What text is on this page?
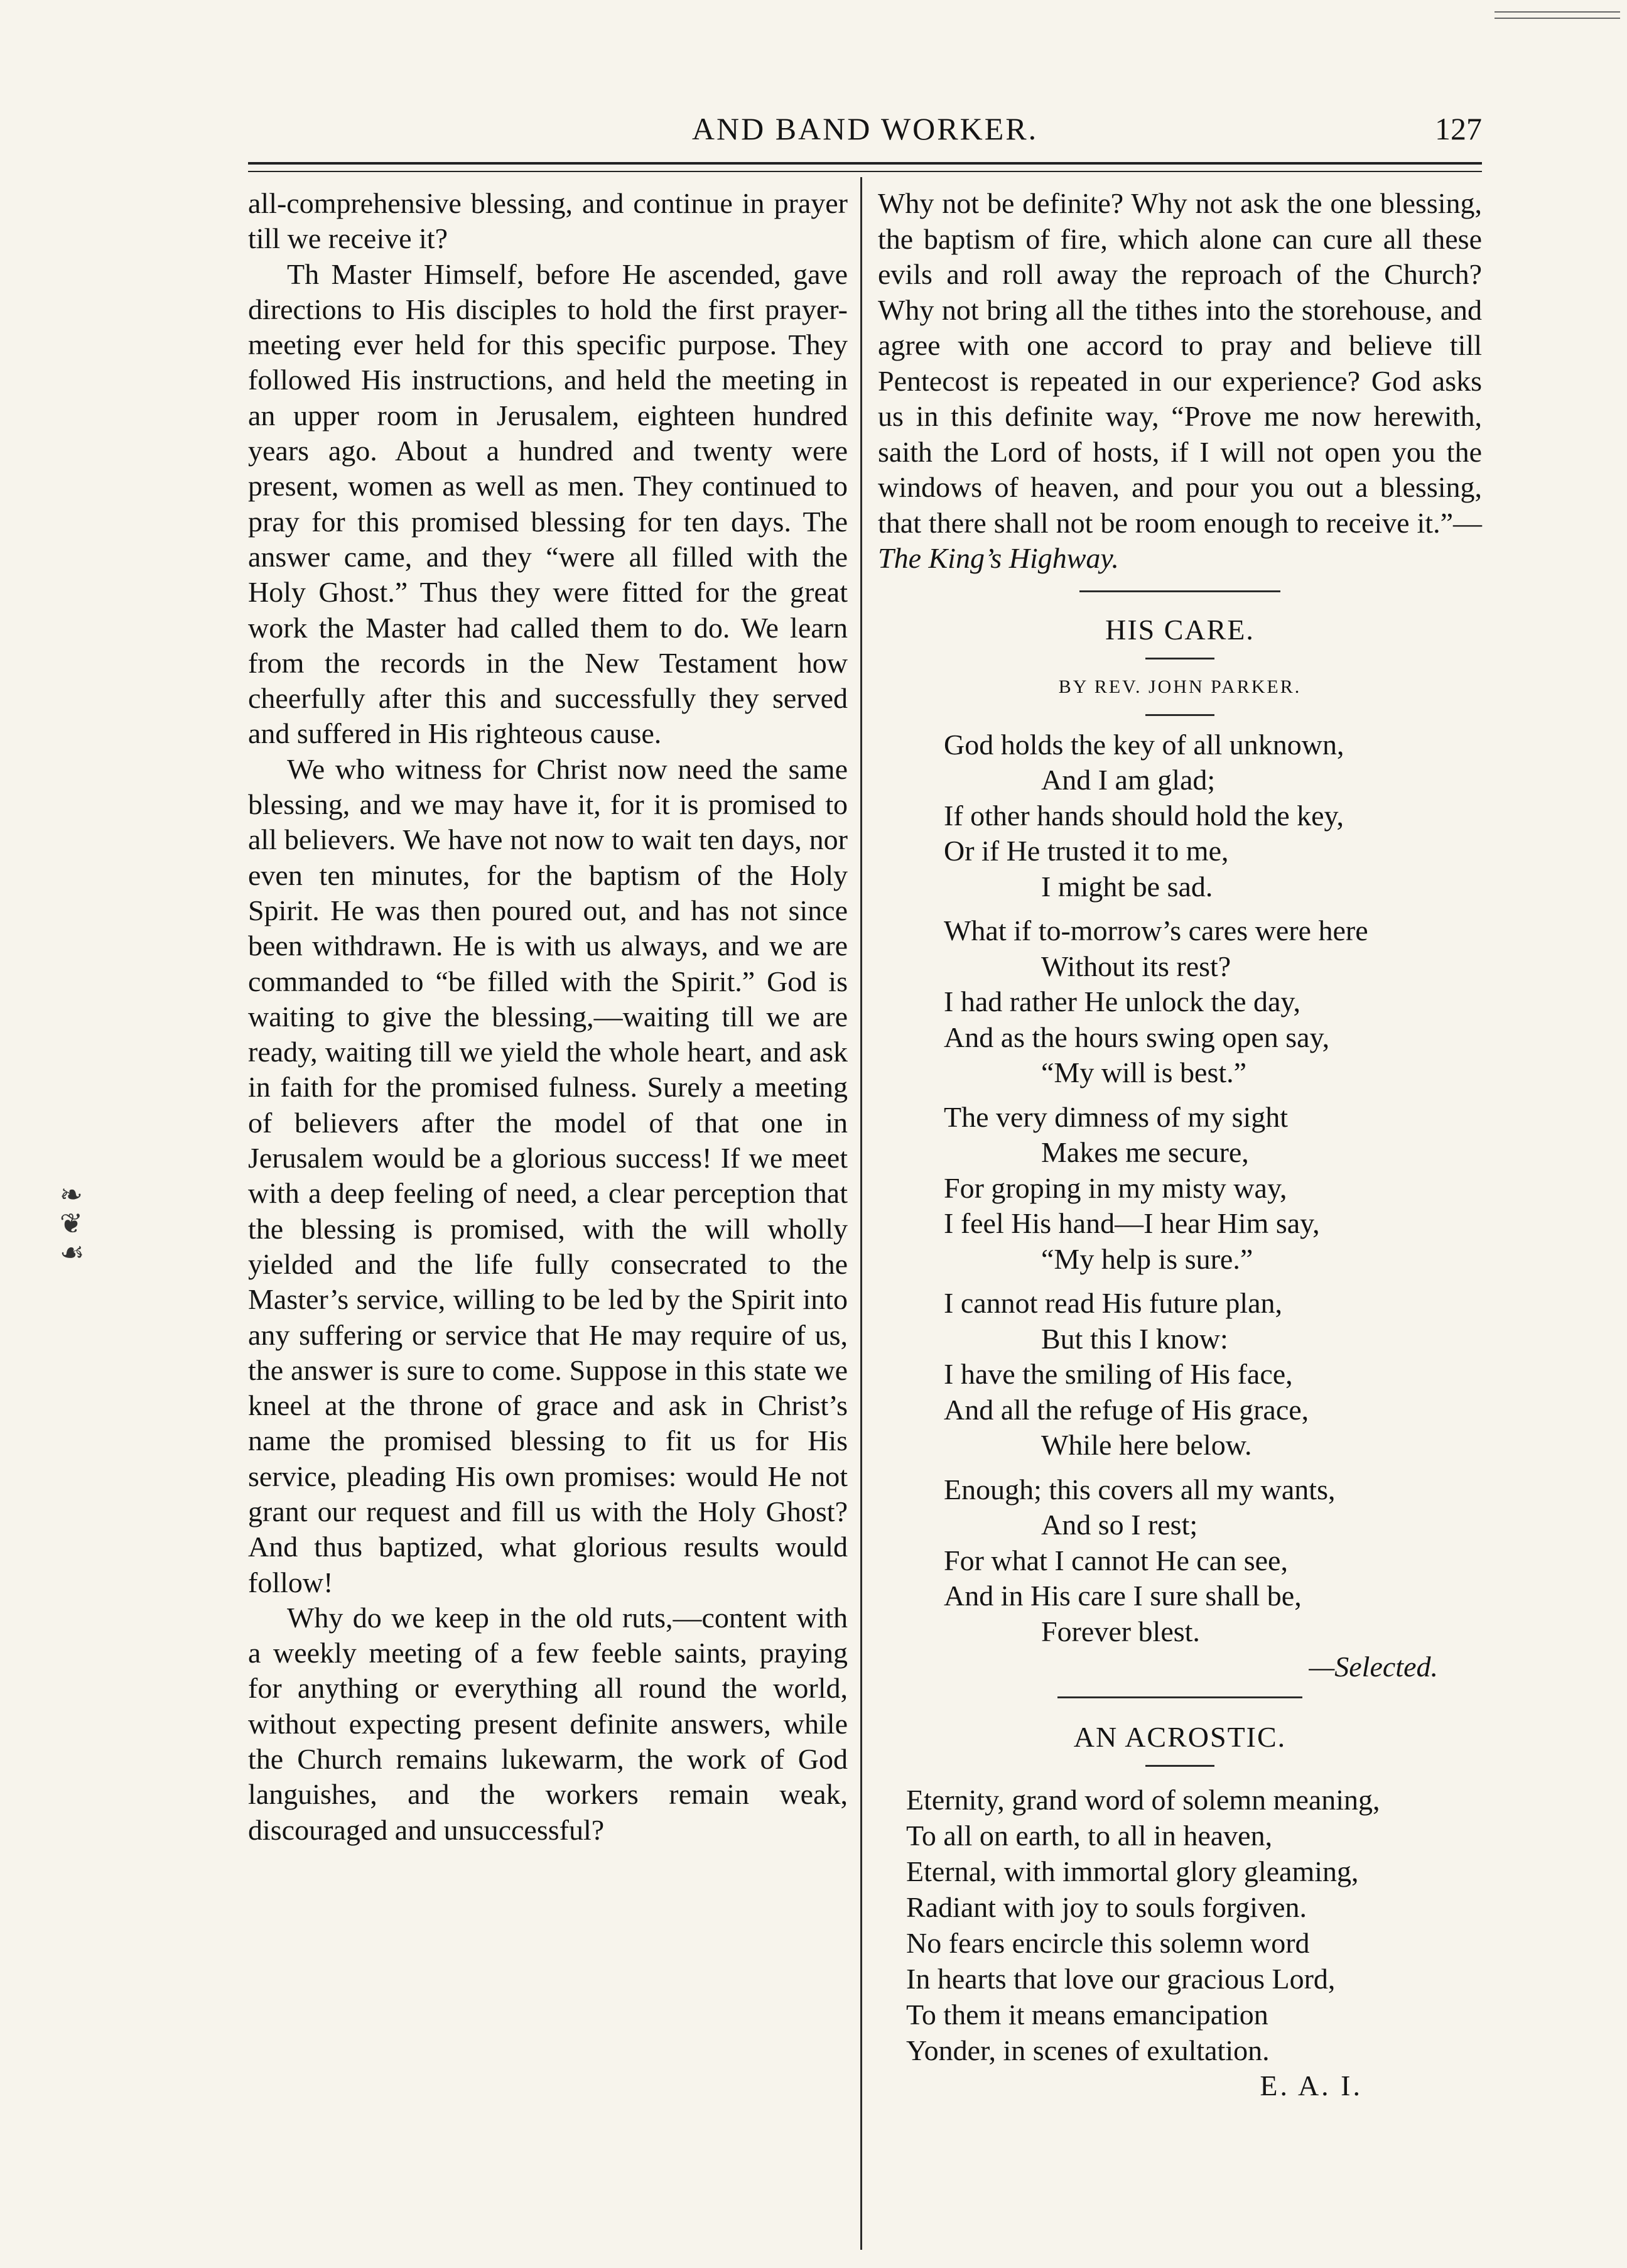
AND BAND WORKER.	127
❧
❦
☙

all-comprehensive blessing, and continue in prayer till we receive it?

Th Master Himself, before He ascended, gave directions to His disciples to hold the first prayer-meeting ever held for this specific purpose. They followed His instructions, and held the meeting in an upper room in Jerusalem, eighteen hundred years ago. About a hundred and twenty were present, women as well as men. They continued to pray for this promised blessing for ten days. The answer came, and they “were all filled with the Holy Ghost.” Thus they were fitted for the great work the Master had called them to do. We learn from the records in the New Testament how cheerfully after this and successfully they served and suffered in His righteous cause.

We who witness for Christ now need the same blessing, and we may have it, for it is promised to all believers. We have not now to wait ten days, nor even ten minutes, for the baptism of the Holy Spirit. He was then poured out, and has not since been withdrawn. He is with us always, and we are commanded to “be filled with the Spirit.” God is waiting to give the blessing,—waiting till we are ready, waiting till we yield the whole heart, and ask in faith for the promised fulness. Surely a meeting of believers after the model of that one in Jerusalem would be a glorious success! If we meet with a deep feeling of need, a clear perception that the blessing is promised, with the will wholly yielded and the life fully consecrated to the Master’s service, willing to be led by the Spirit into any suffering or service that He may require of us, the answer is sure to come. Suppose in this state we kneel at the throne of grace and ask in Christ’s name the promised blessing to fit us for His service, pleading His own promises: would He not grant our request and fill us with the Holy Ghost? And thus baptized, what glorious results would follow!

Why do we keep in the old ruts,—content with a weekly meeting of a few feeble saints, praying for anything or everything all round the world, without expecting present definite answers, while the Church remains lukewarm, the work of God languishes, and the workers remain weak, discouraged and unsuccessful?

Why not be definite? Why not ask the one blessing, the baptism of fire, which alone can cure all these evils and roll away the reproach of the Church? Why not bring all the tithes into the storehouse, and agree with one accord to pray and believe till Pentecost is repeated in our experience? God asks us in this definite way, “Prove me now herewith, saith the Lord of hosts, if I will not open you the windows of heaven, and pour you out a blessing, that there shall not be room enough to receive it.”—The King’s Highway.

HIS CARE.

BY REV. JOHN PARKER.

God holds the key of all unknown,
And I am glad;
If other hands should hold the key,
Or if He trusted it to me,
I might be sad.
What if to-morrow’s cares were here
Without its rest?
I had rather He unlock the day,
And as the hours swing open say,
“My will is best.”
The very dimness of my sight
Makes me secure,
For groping in my misty way,
I feel His hand—I hear Him say,
“My help is sure.”
I cannot read His future plan,
But this I know:
I have the smiling of His face,
And all the refuge of His grace,
While here below.
Enough; this covers all my wants,
And so I rest;
For what I cannot He can see,
And in His care I sure shall be,
Forever blest.
—Selected.

AN ACROSTIC.

Eternity, grand word of solemn meaning,
To all on earth, to all in heaven,
Eternal, with immortal glory gleaming,
Radiant with joy to souls forgiven.
No fears encircle this solemn word
In hearts that love our gracious Lord,
To them it means emancipation
Yonder, in scenes of exultation.
E. A. I.
